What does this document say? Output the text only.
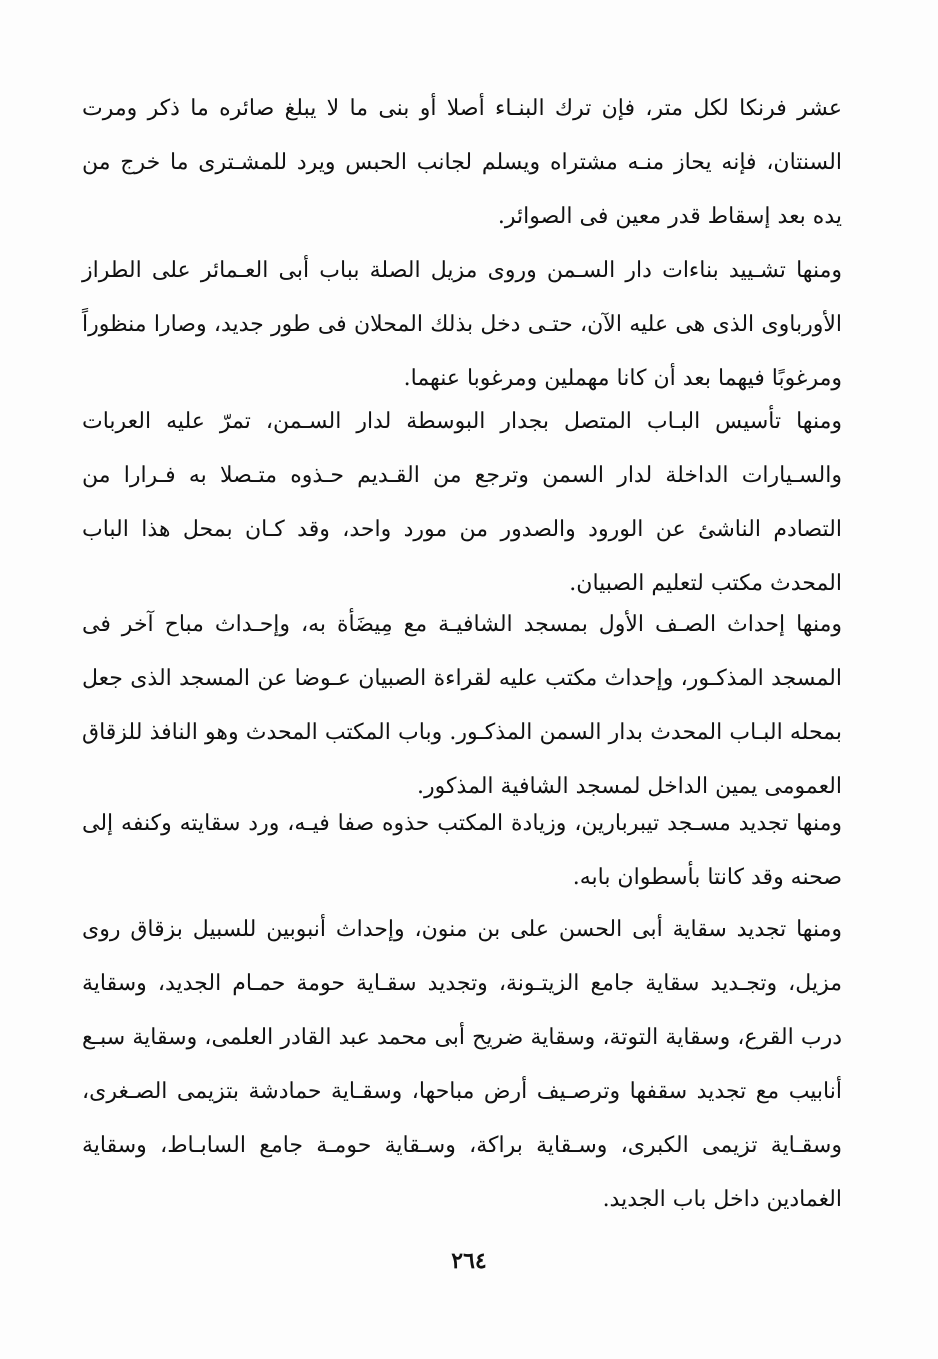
عشر فرنكا لكل متر، فإن ترك البنـاء أصلا أو بنى ما لا يبلغ صائره ما ذكر ومرت السنتان، فإنه يحاز منـه مشتراه ويسلم لجانب الحبس ويرد للمشـترى ما خرج من يده بعد إسقاط قدر معين فى الصوائر.

ومنها تشـييد بناءات دار السـمن وروى مزيل الصلة بباب أبى العـمائر على الطراز الأورباوى الذى هى عليه الآن، حتـى دخل بذلك المحلان فى طور جديد، وصارا منظوراً ومرغوبًا فيهما بعد أن كانا مهملين ومرغوبا عنهما.

ومنها تأسيس البـاب المتصل بجدار البوسطة لدار السـمن، تمرّ عليه العربات والسـيارات الداخلة لدار السمن وترجع من القـديم حـذوه متـصلا به فـرارا من التصادم الناشئ عن الورود والصدور من مورد واحد، وقد كـان بمحل هذا الباب المحدث مكتب لتعليم الصبيان.

ومنها إحداث الصـف الأول بمسجد الشافيـة مع مِيضَأة به، وإحـداث مباح آخر فى المسجد المذكـور، وإحداث مكتب عليه لقراءة الصبيان عـوضا عن المسجد الذى جعل بمحله البـاب المحدث بدار السمن المذكـور. وباب المكتب المحدث وهو النافذ للزقاق العمومى يمين الداخل لمسجد الشافية المذكور.

ومنها تجديد مسـجد تيبربارين، وزيادة المكتب حذوه صفا فيـه، ورد سقايته وكنفه إلى صحنه وقد كانتا بأسطوان بابه.

ومنها تجديد سقاية أبى الحسن على بن منون، وإحداث أنبوبين للسبيل بزقاق روى مزيل، وتجـديد سقاية جامع الزيتـونة، وتجديد سقـاية حومة حمـام الجديد، وسقاية درب القرع، وسقاية التوتة، وسقاية ضريح أبى محمد عبد القادر العلمى، وسقاية سبـع أنابيب مع تجديد سقفها وترصـيف أرض مباحها، وسقـاية حمادشة بتزيمى الصـغرى، وسقـاية تزيمى الكبرى، وسـقاية براكة، وسـقاية حومـة جامع السابـاط، وسقاية الغمادين داخل باب الجديد.

٢٦٤
